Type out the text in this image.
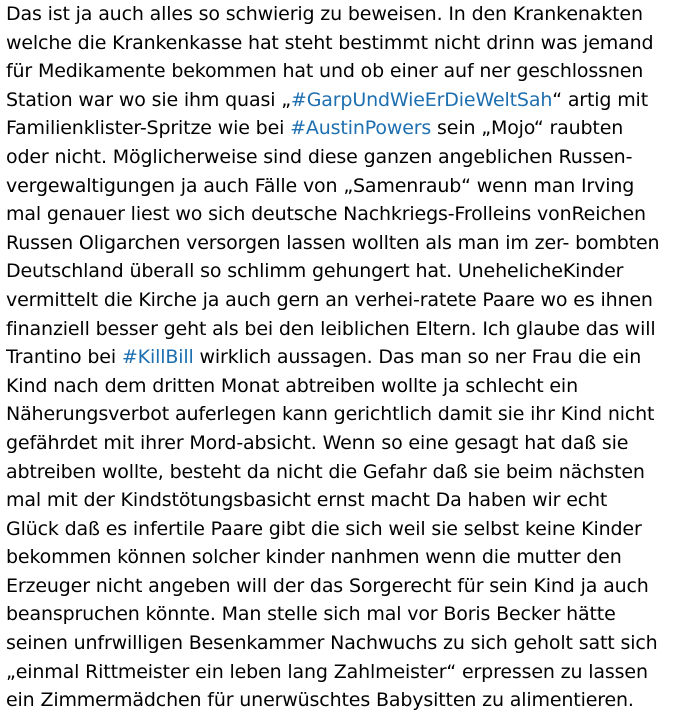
Das ist ja auch alles so schwierig zu beweisen. In den Krankenakten
welche die Krankenkasse hat steht bestimmt nicht drinn was jemand
für Medikamente bekommen hat und ob einer auf ner geschlossnen
Station war wo sie ihm quasi „#GarpUndWieErDieWeltSah“ artig mit
Familienklister-Spritze wie bei #AustinPowers sein „Mojo“ raubten
oder nicht. Möglicherweise sind diese ganzen angeblichen Russen-
vergewaltigungen ja auch Fälle von „Samenraub“ wenn man Irving
mal genauer liest wo sich deutsche Nachkriegs-Frolleins vonReichen
Russen Oligarchen versorgen lassen wollten als man im zer- bombten
Deutschland überall so schlimm gehungert hat. UneheIicheKinder
vermittelt die Kirche ja auch gern an verhei-ratete Paare wo es ihnen
finanziell besser geht als bei den leiblichen Eltern. Ich glaube das will
Trantino bei #KillBill wirklich aussagen. Das man so ner Frau die ein
Kind nach dem dritten Monat abtreiben wollte ja schlecht ein
Näherungsverbot auferlegen kann gerichtlich damit sie ihr Kind nicht
gefährdet mit ihrer Mord-absicht. Wenn so eine gesagt hat daß sie
abtreiben wollte, besteht da nicht die Gefahr daß sie beim nächsten
mal mit der Kindstötungsbasicht ernst macht Da haben wir echt
Glück daß es infertile Paare gibt die sich weil sie selbst keine Kinder
bekommen können solcher kinder nanhmen wenn die mutter den
Erzeuger nicht angeben will der das Sorgerecht für sein Kind ja auch
beanspruchen könnte. Man stelle sich mal vor Boris Becker hätte
seinen unfrwilligen Besenkammer Nachwuchs zu sich geholt satt sich
„einmal Rittmeister ein leben lang Zahlmeister“ erpressen zu lassen
ein Zimmermädchen für unerwüschtes Babysitten zu alimentieren.
